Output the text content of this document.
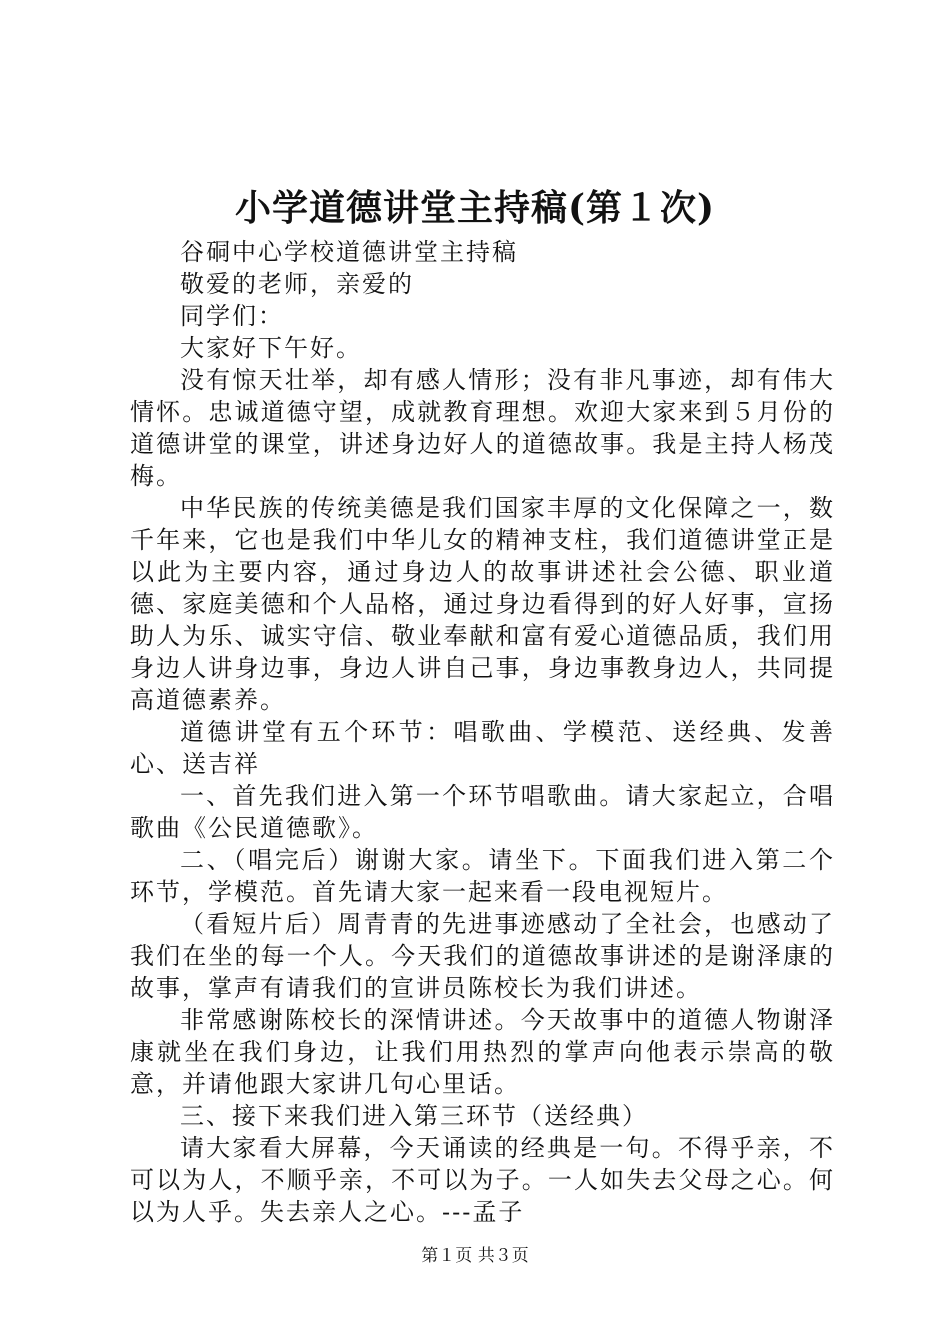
小学道德讲堂主持稿(第１次)

谷硐中心学校道德讲堂主持稿

敬爱的老师，亲爱的

同学们：

大家好下午好。

没有惊天壮举，却有感人情形；没有非凡事迹，却有伟大情怀。忠诚道德守望，成就教育理想。欢迎大家来到５月份的道德讲堂的课堂，讲述身边好人的道德故事。我是主持人杨茂梅。

中华民族的传统美德是我们国家丰厚的文化保障之一，数千年来，它也是我们中华儿女的精神支柱，我们道德讲堂正是以此为主要内容，通过身边人的故事讲述社会公德、职业道德、家庭美德和个人品格，通过身边看得到的好人好事，宣扬助人为乐、诚实守信、敬业奉献和富有爱心道德品质，我们用身边人讲身边事，身边人讲自己事，身边事教身边人，共同提高道德素养。

道德讲堂有五个环节：唱歌曲、学模范、送经典、发善心、送吉祥

一、首先我们进入第一个环节唱歌曲。请大家起立，合唱歌曲《公民道德歌》。

二、（唱完后）谢谢大家。请坐下。下面我们进入第二个环节，学模范。首先请大家一起来看一段电视短片。

（看短片后）周青青的先进事迹感动了全社会，也感动了我们在坐的每一个人。今天我们的道德故事讲述的是谢泽康的故事，掌声有请我们的宣讲员陈校长为我们讲述。

非常感谢陈校长的深情讲述。今天故事中的道德人物谢泽康就坐在我们身边，让我们用热烈的掌声向他表示崇高的敬意，并请他跟大家讲几句心里话。

三、接下来我们进入第三环节（送经典）

请大家看大屏幕，今天诵读的经典是一句。不得乎亲，不可以为人，不顺乎亲，不可以为子。一人如失去父母之心。何以为人乎。失去亲人之心。---孟子

第１页 共３页
